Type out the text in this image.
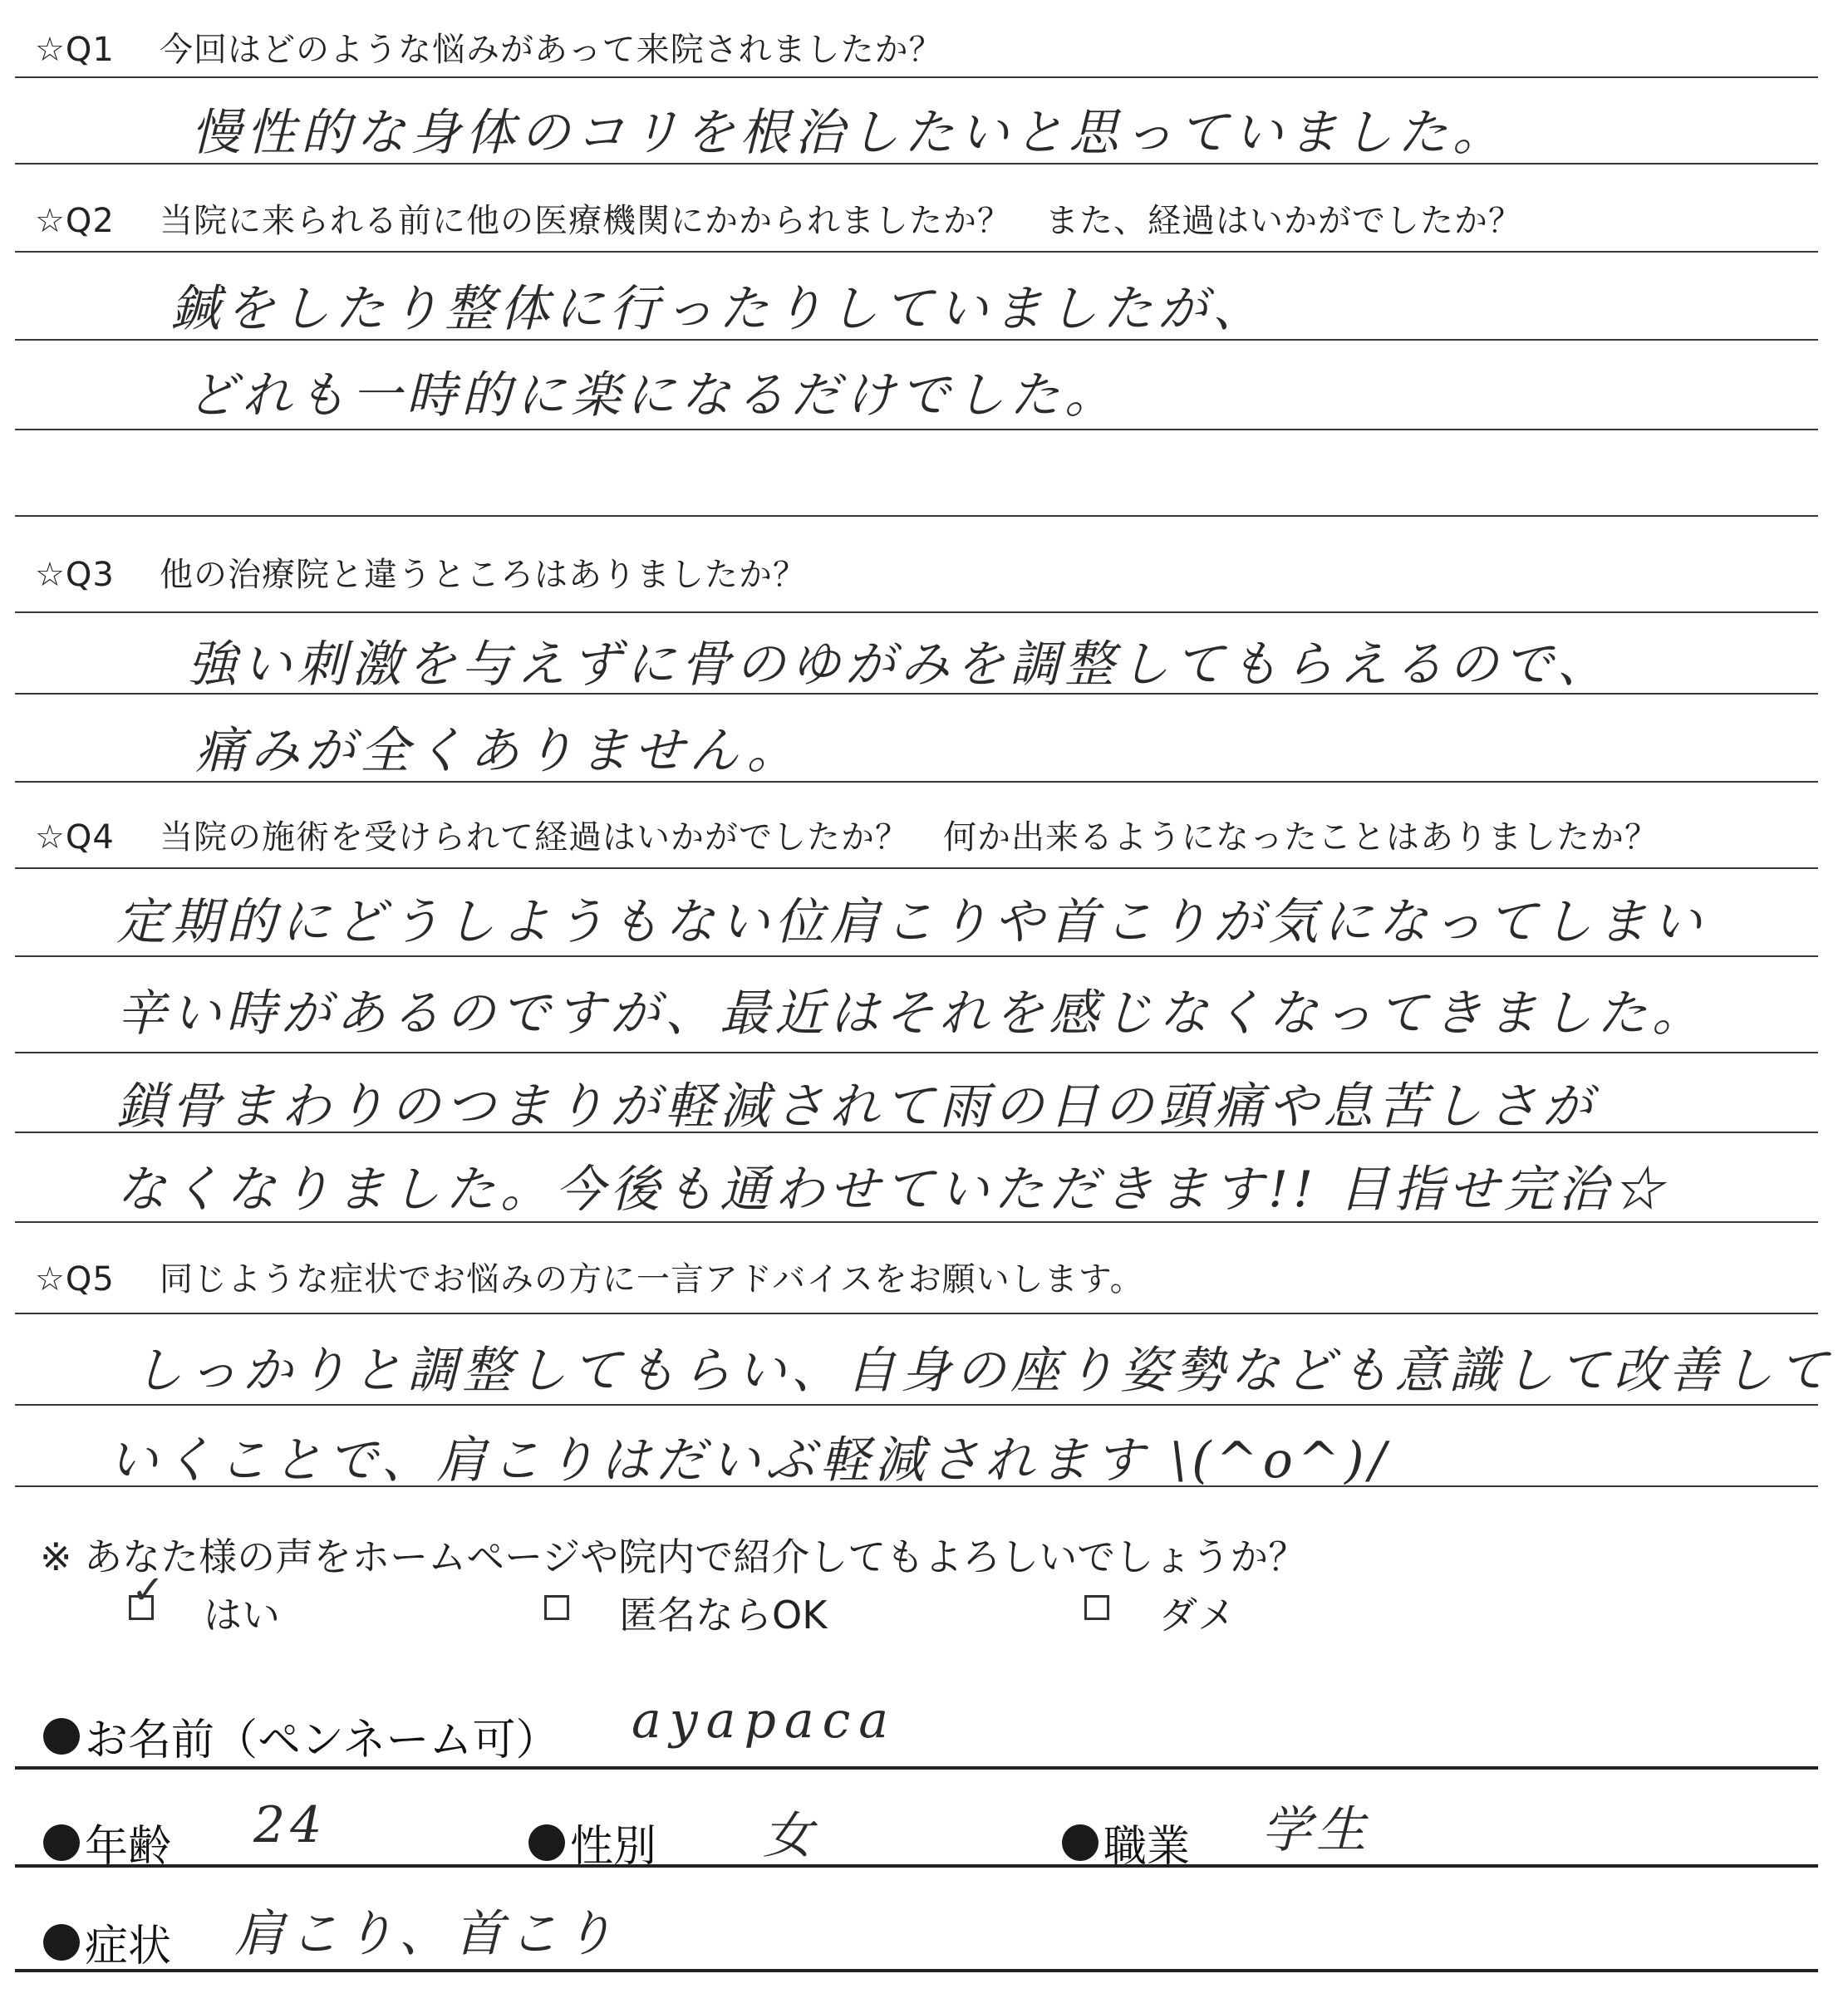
☆Q1 今回はどのような悩みがあって来院されましたか？
慢性的な身体のコリを根治したいと思っていました。
☆Q2 当院に来られる前に他の医療機関にかかられましたか？　また、経過はいかがでしたか？
鍼をしたり整体に行ったりしていましたが、
どれも一時的に楽になるだけでした。
☆Q3 他の治療院と違うところはありましたか？
強い刺激を与えずに骨のゆがみを調整してもらえるので、
痛みが全くありません。
☆Q4 当院の施術を受けられて経過はいかがでしたか？　何か出来るようになったことはありましたか？
定期的にどうしようもない位肩こりや首こりが気になってしまい
辛い時があるのですが、最近はそれを感じなくなってきました。
鎖骨まわりのつまりが軽減されて雨の日の頭痛や息苦しさが
なくなりました。今後も通わせていただきます!! 目指せ完治☆
☆Q5 同じような症状でお悩みの方に一言アドバイスをお願いします。
しっかりと調整してもらい、自身の座り姿勢なども意識して改善して
いくことで、肩こりはだいぶ軽減されます \(^o^)/
※ あなた様の声をホームページや院内で紹介してもよろしいでしょうか？
✓
はい	匿名ならOK	ダメ
お名前（ペンネーム可） ayapaca
年齢 24	性別 女	職業 学生
症状 肩こり、首こり
